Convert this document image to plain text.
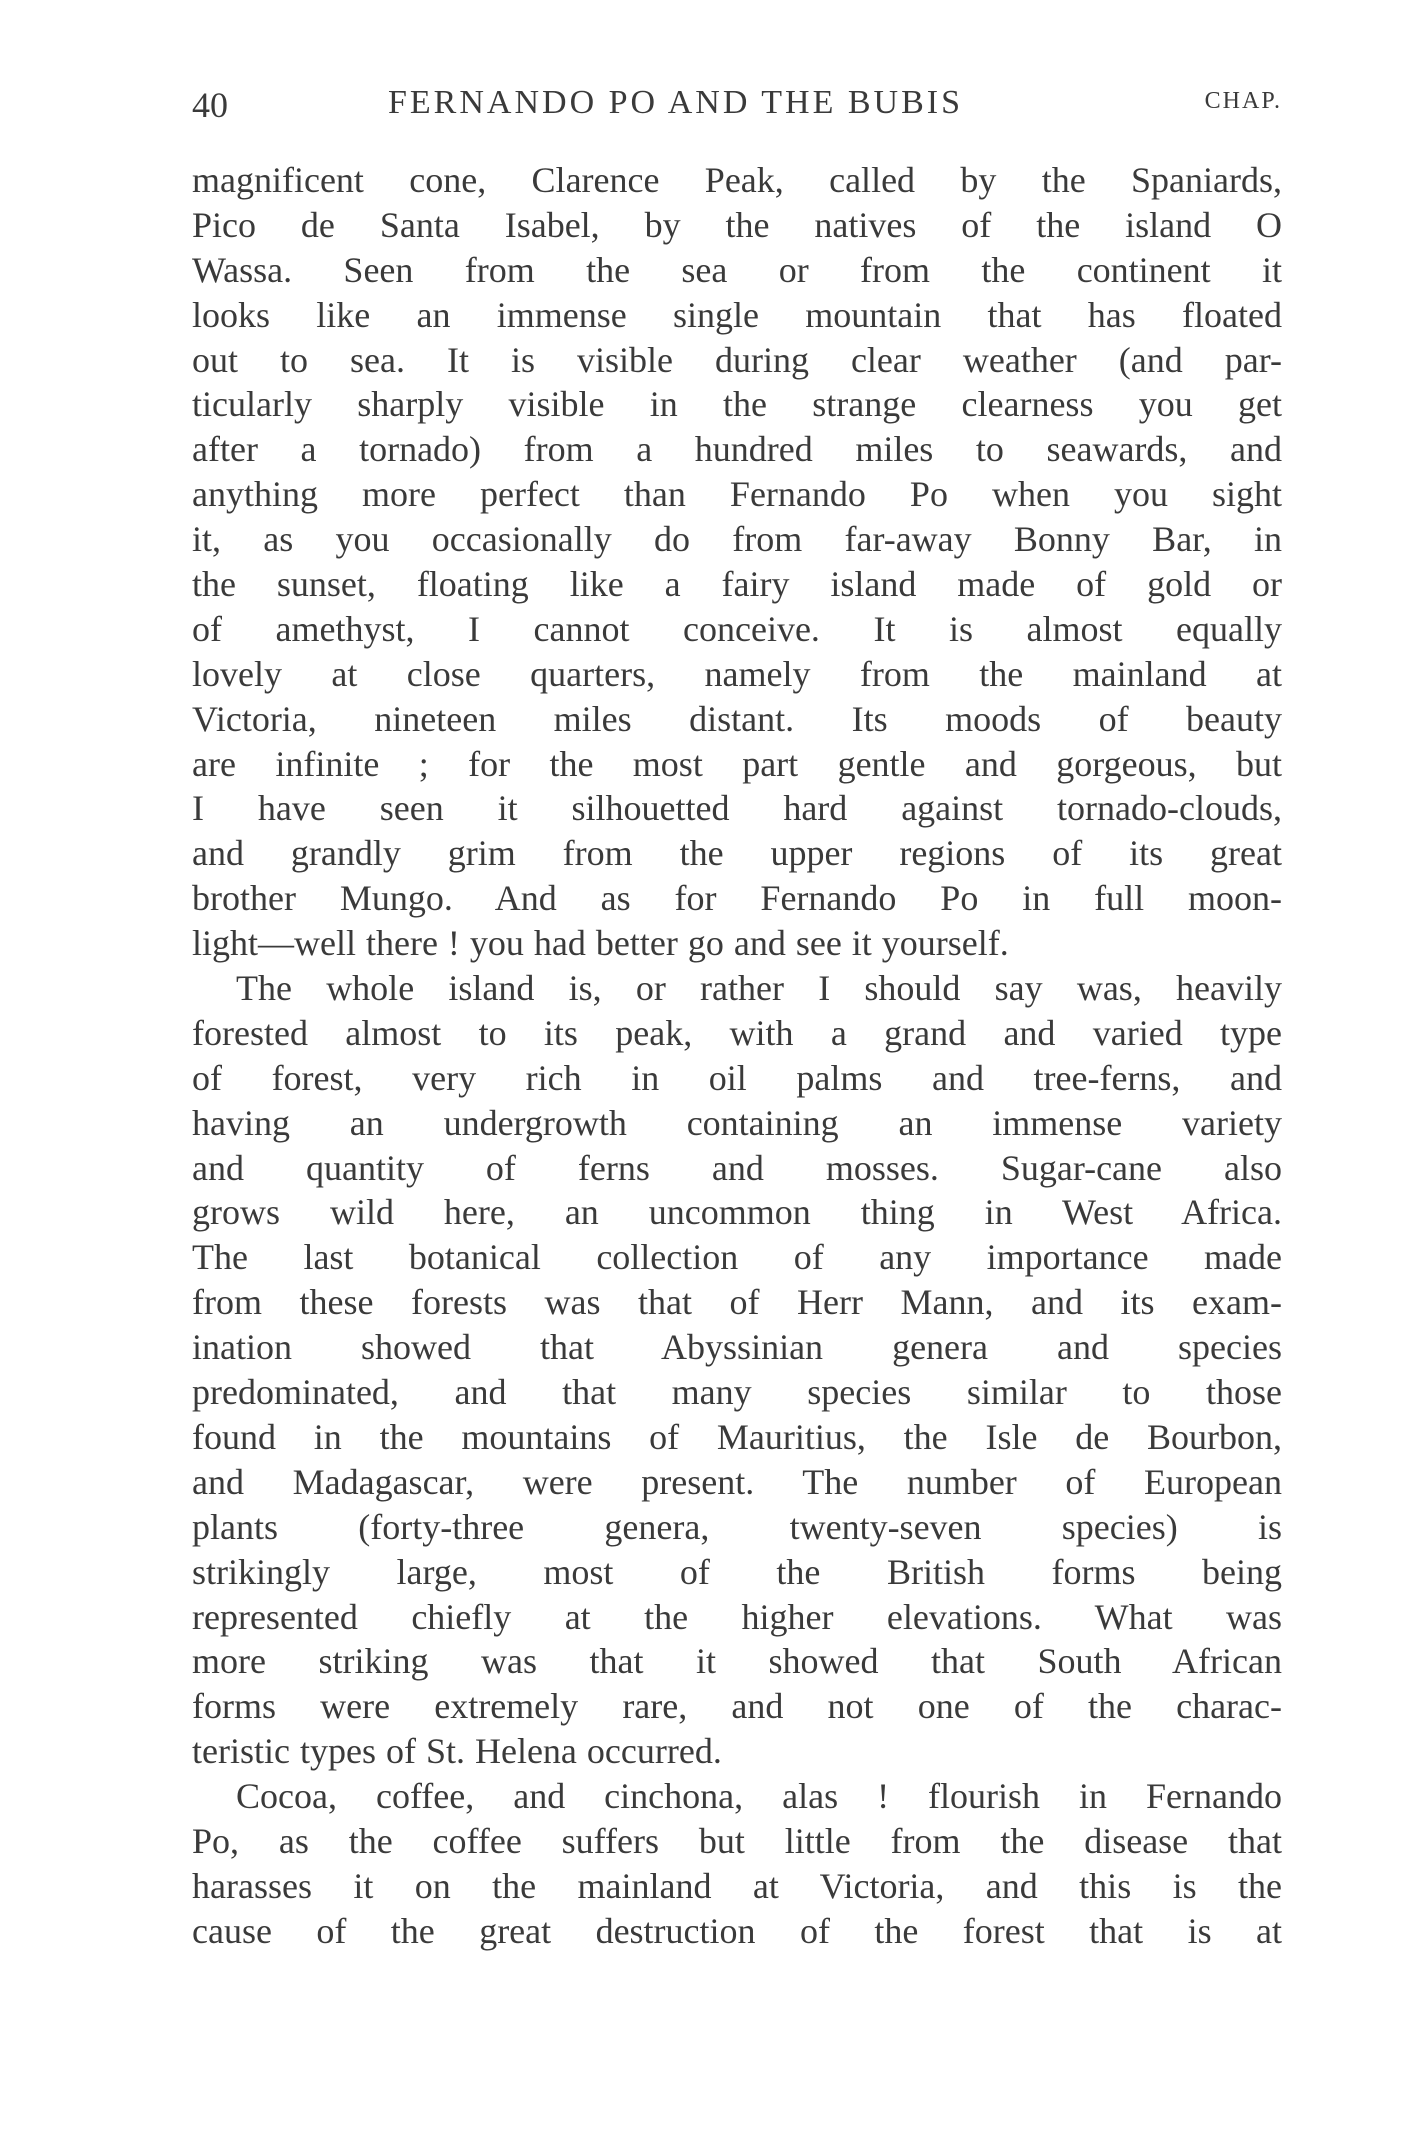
40	FERNANDO PO AND THE BUBIS	CHAP.
magnificent cone, Clarence Peak, called by the Spaniards,
Pico de Santa Isabel, by the natives of the island O
Wassa. Seen from the sea or from the continent it
looks like an immense single mountain that has floated
out to sea. It is visible during clear weather (and par-
ticularly sharply visible in the strange clearness you get
after a tornado) from a hundred miles to seawards, and
anything more perfect than Fernando Po when you sight
it, as you occasionally do from far-away Bonny Bar, in
the sunset, floating like a fairy island made of gold or
of amethyst, I cannot conceive. It is almost equally
lovely at close quarters, namely from the mainland at
Victoria, nineteen miles distant. Its moods of beauty
are infinite ; for the most part gentle and gorgeous, but
I have seen it silhouetted hard against tornado-clouds,
and grandly grim from the upper regions of its great
brother Mungo. And as for Fernando Po in full moon-
light—well there ! you had better go and see it yourself.
The whole island is, or rather I should say was, heavily
forested almost to its peak, with a grand and varied type
of forest, very rich in oil palms and tree-ferns, and
having an undergrowth containing an immense variety
and quantity of ferns and mosses. Sugar-cane also
grows wild here, an uncommon thing in West Africa.
The last botanical collection of any importance made
from these forests was that of Herr Mann, and its exam-
ination showed that Abyssinian genera and species
predominated, and that many species similar to those
found in the mountains of Mauritius, the Isle de Bourbon,
and Madagascar, were present. The number of European
plants (forty-three genera, twenty-seven species) is
strikingly large, most of the British forms being
represented chiefly at the higher elevations. What was
more striking was that it showed that South African
forms were extremely rare, and not one of the charac-
teristic types of St. Helena occurred.
Cocoa, coffee, and cinchona, alas ! flourish in Fernando
Po, as the coffee suffers but little from the disease that
harasses it on the mainland at Victoria, and this is the
cause of the great destruction of the forest that is at
